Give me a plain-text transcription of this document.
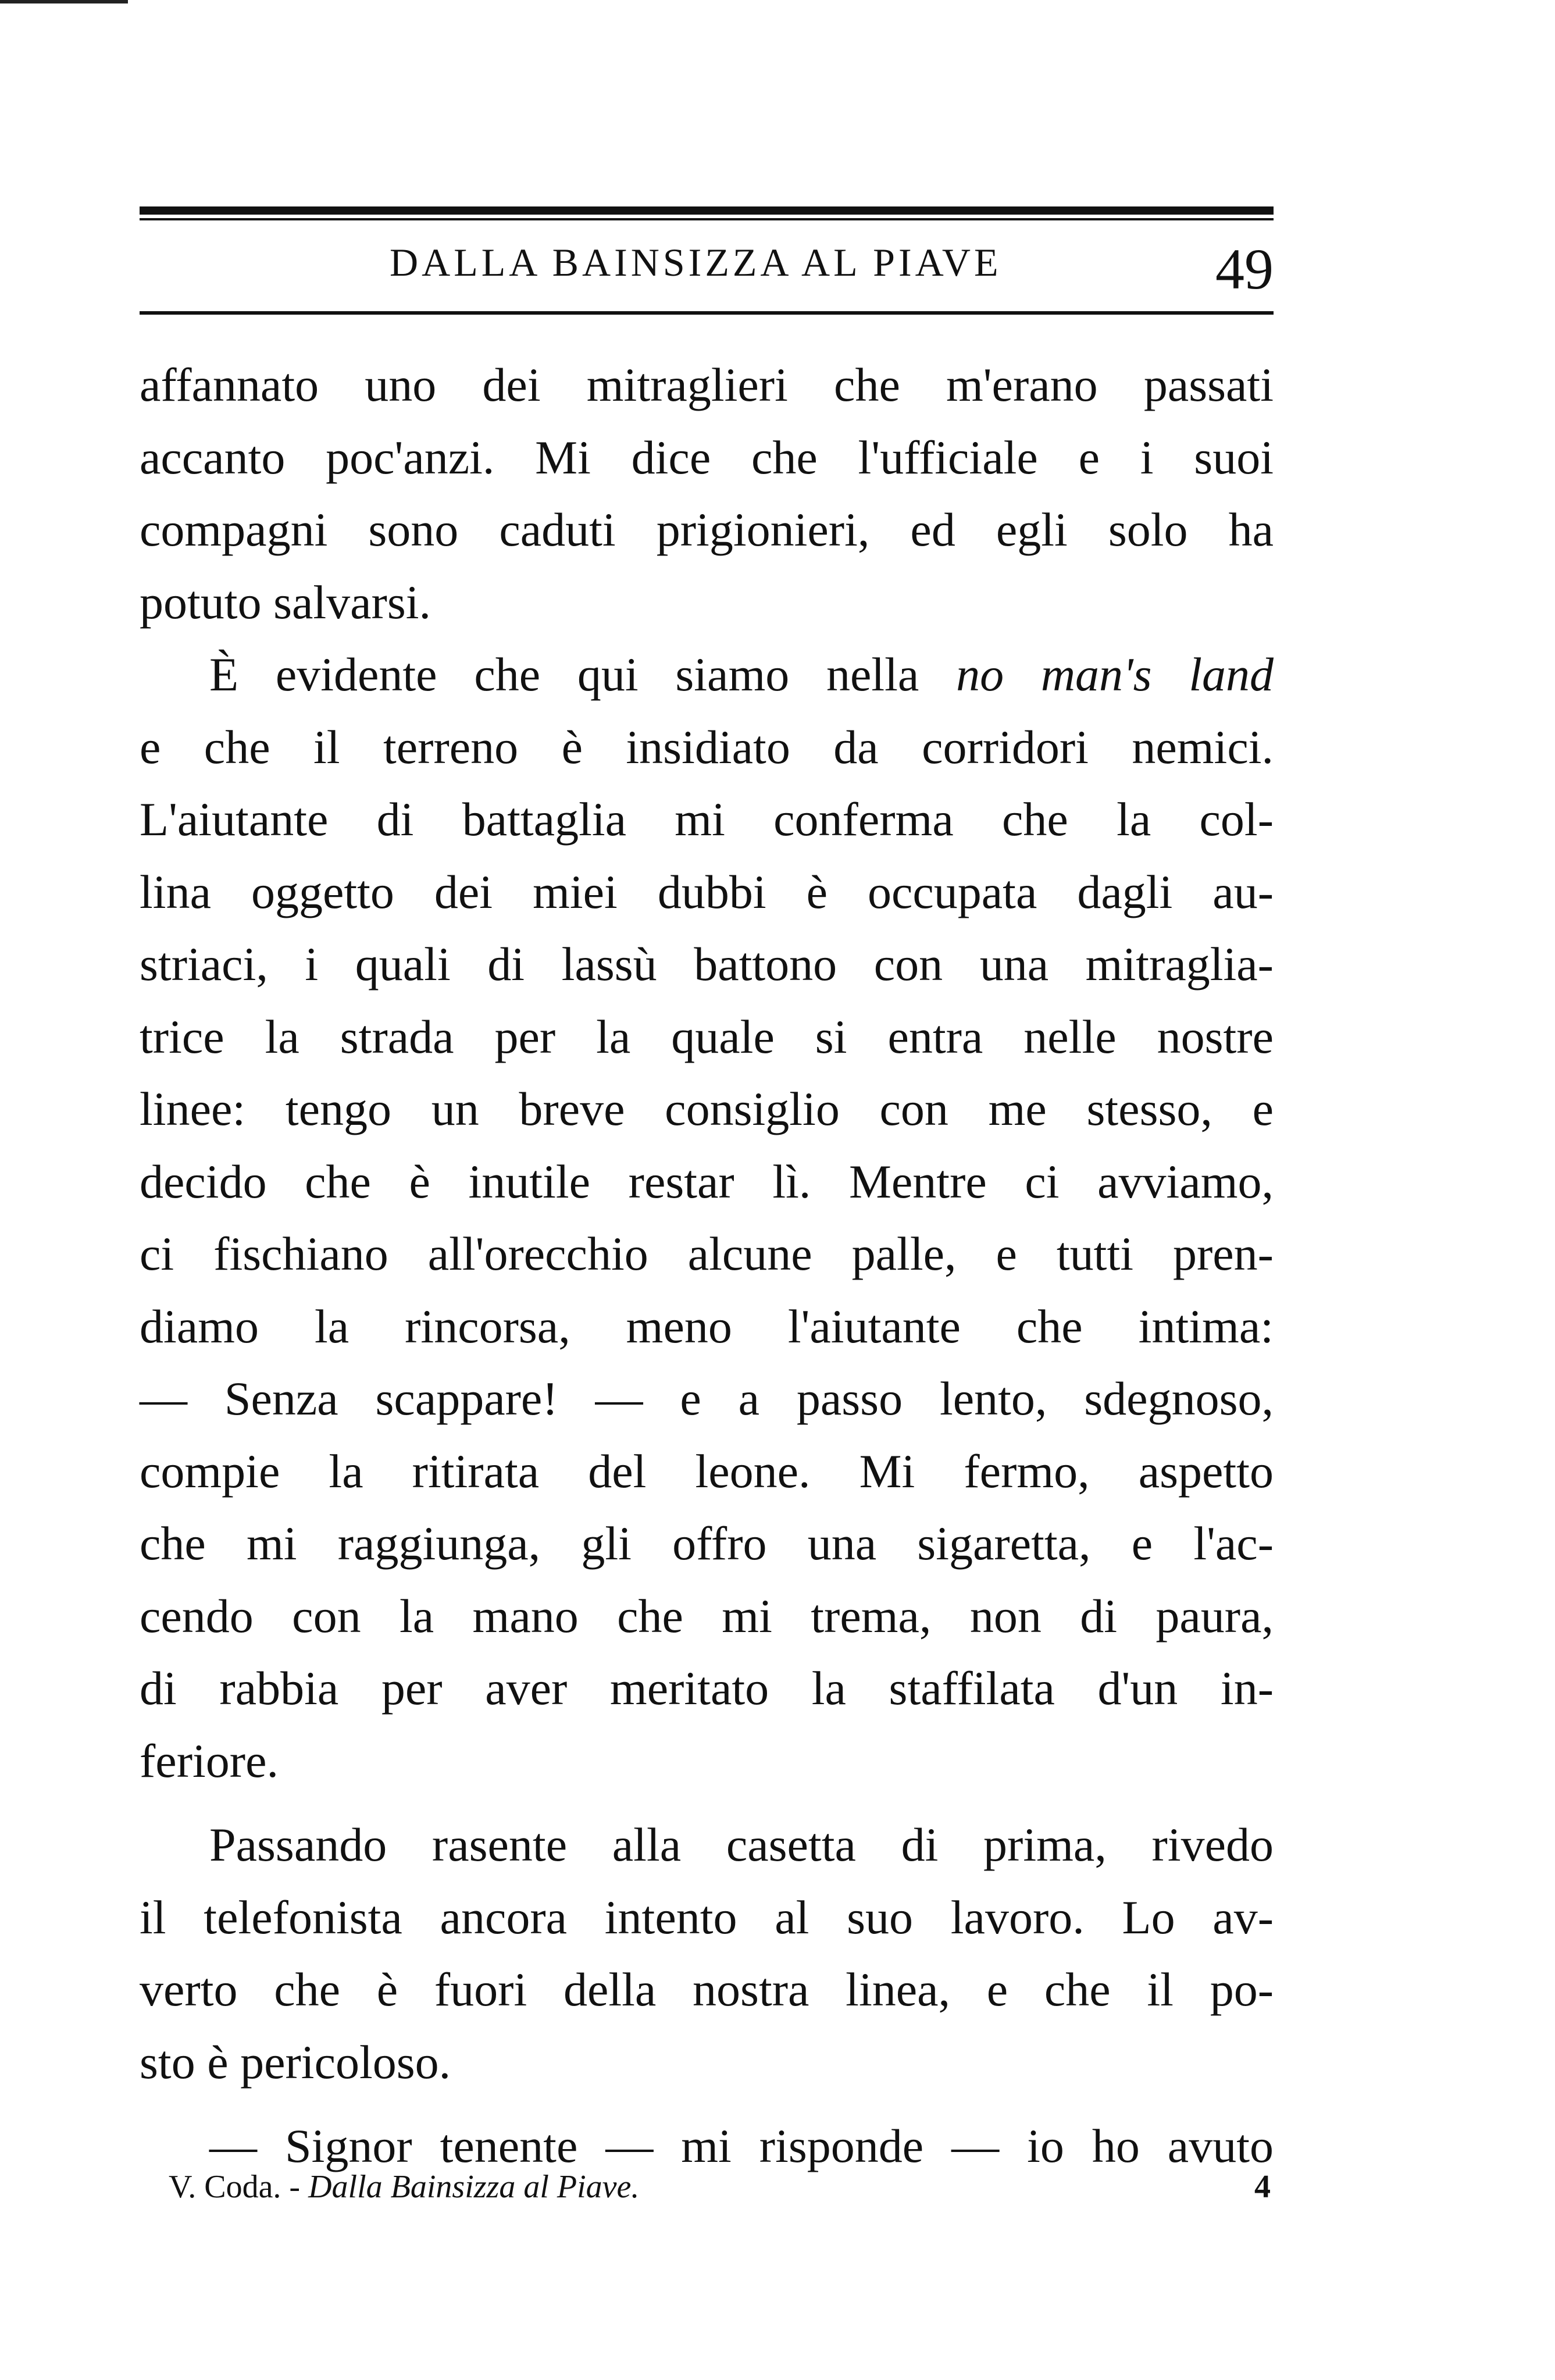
DALLA BAINSIZZA AL PIAVE	49
affannato uno dei mitraglieri che m'erano passati
accanto poc'anzi. Mi dice che l'ufficiale e i suoi
compagni sono caduti prigionieri, ed egli solo ha
potuto salvarsi.
È evidente che qui siamo nella no man's land
e che il terreno è insidiato da corridori nemici.
L'aiutante di battaglia mi conferma che la col-
lina oggetto dei miei dubbi è occupata dagli au-
striaci, i quali di lassù battono con una mitraglia-
trice la strada per la quale si entra nelle nostre
linee: tengo un breve consiglio con me stesso, e
decido che è inutile restar lì. Mentre ci avviamo,
ci fischiano all'orecchio alcune palle, e tutti pren-
diamo la rincorsa, meno l'aiutante che intima:
— Senza scappare! — e a passo lento, sdegnoso,
compie la ritirata del leone. Mi fermo, aspetto
che mi raggiunga, gli offro una sigaretta, e l'ac-
cendo con la mano che mi trema, non di paura,
di rabbia per aver meritato la staffilata d'un in-
feriore.
Passando rasente alla casetta di prima, rivedo
il telefonista ancora intento al suo lavoro. Lo av-
verto che è fuori della nostra linea, e che il po-
sto è pericoloso.
— Signor tenente — mi risponde — io ho avuto
V. Coda. - Dalla Bainsizza al Piave.	4
